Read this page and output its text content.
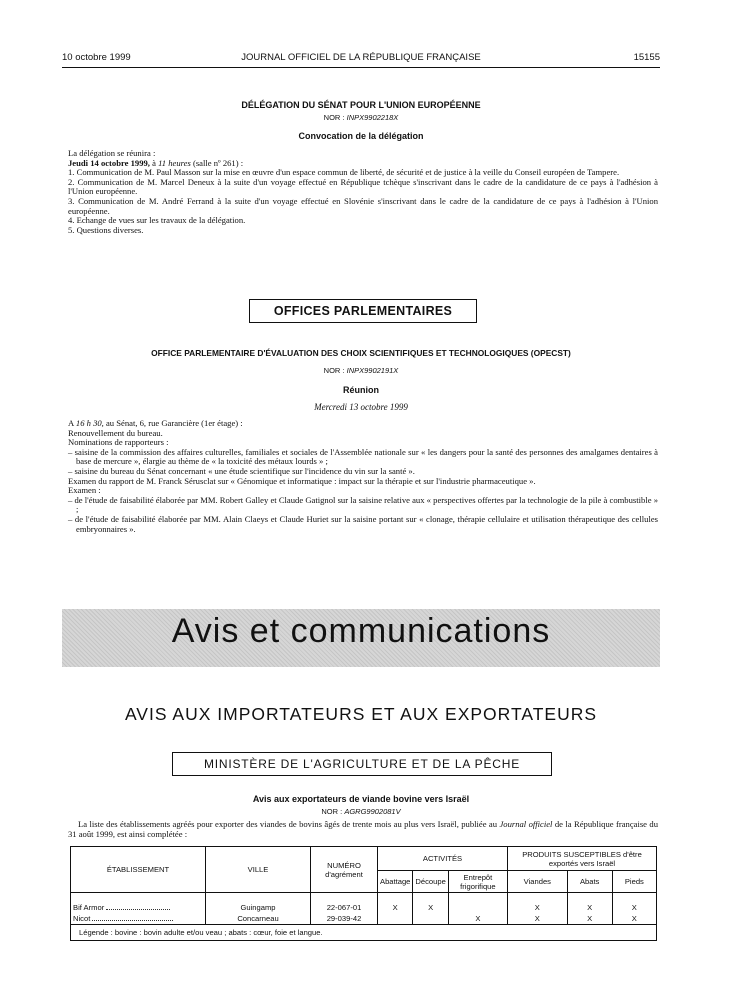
10 octobre 1999	JOURNAL OFFICIEL DE LA RÉPUBLIQUE FRANÇAISE	15155
DÉLÉGATION DU SÉNAT POUR L'UNION EUROPÉENNE
NOR : INPX9902218X
Convocation de la délégation

La délégation se réunira :

Jeudi 14 octobre 1999, à 11 heures (salle nº 261) :

1. Communication de M. Paul Masson sur la mise en œuvre d'un espace commun de liberté, de sécurité et de justice à la veille du Conseil européen de Tampere.

2. Communication de M. Marcel Deneux à la suite d'un voyage effectué en République tchèque s'inscrivant dans le cadre de la candidature de ce pays à l'adhésion à l'Union européenne.

3. Communication de M. André Ferrand à la suite d'un voyage effectué en Slovénie s'inscrivant dans le cadre de la candidature de ce pays à l'adhésion à l'Union européenne.

4. Echange de vues sur les travaux de la délégation.

5. Questions diverses.

OFFICES PARLEMENTAIRES
OFFICE PARLEMENTAIRE D'ÉVALUATION DES CHOIX SCIENTIFIQUES ET TECHNOLOGIQUES (OPECST)
NOR : INPX9902191X
Réunion
Mercredi 13 octobre 1999

A 16 h 30, au Sénat, 6, rue Garancière (1er étage) :

Renouvellement du bureau.

Nominations de rapporteurs :

– saisine de la commission des affaires culturelles, familiales et sociales de l'Assemblée nationale sur « les dangers pour la santé des personnes des amalgames dentaires à base de mercure », élargie au thème de « la toxicité des métaux lourds » ;

– saisine du bureau du Sénat concernant « une étude scientifique sur l'incidence du vin sur la santé ».

Examen du rapport de M. Franck Sérusclat sur « Génomique et informatique : impact sur la thérapie et sur l'industrie pharmaceutique ».

Examen :

– de l'étude de faisabilité élaborée par MM. Robert Galley et Claude Gatignol sur la saisine relative aux « perspectives offertes par la technologie de la pile à combustible » ;

– de l'étude de faisabilité élaborée par MM. Alain Claeys et Claude Huriet sur la saisine portant sur « clonage, thérapie cellulaire et utilisation thérapeutique des cellules embryonnaires ».

Avis et communications
AVIS AUX IMPORTATEURS ET AUX EXPORTATEURS
MINISTÈRE DE L'AGRICULTURE ET DE LA PÊCHE
Avis aux exportateurs de viande bovine vers Israël
NOR : AGRG9902081V

La liste des établissements agréés pour exporter des viandes de bovins âgés de trente mois au plus vers Israël, publiée au Journal officiel de la République française du 31 août 1999, est ainsi complétée :

ÉTABLISSEMENT	VILLE	NUMÉRO d'agrément	ACTIVITÉS			PRODUITS SUSCEPTIBLES d'être exportés vers Israël		
			Abattage	Découpe	Entrepôt frigorifique	Viandes	Abats	Pieds
Bif Armor	Guingamp	22-067-01	X	X		X	X	X
Nicot	Concarneau	29-039-42			X	X	X	X
Légende : bovine : bovin adulte et/ou veau ; abats : cœur, foie et langue.								
